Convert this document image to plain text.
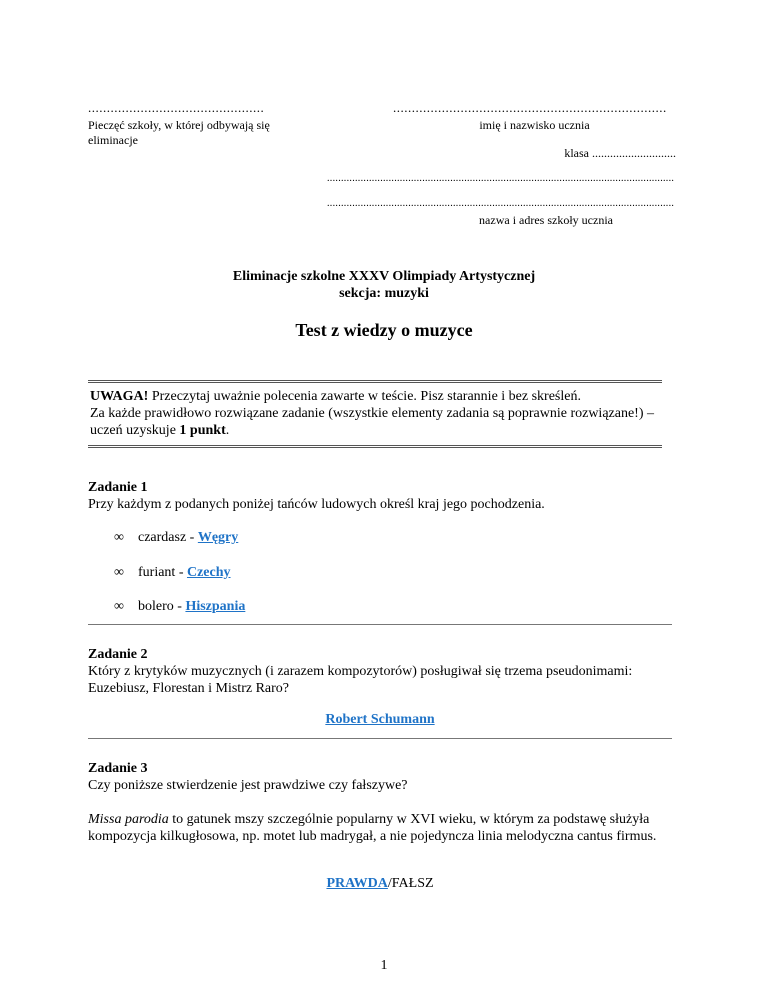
...............................................	.........................................................................
Pieczęć szkoły, w której odbywają się eliminacje
imię i nazwisko ucznia
klasa ............................
............................................................................................................................
............................................................................................................................
nazwa i adres szkoły ucznia
Eliminacje szkolne XXXV Olimpiady Artystycznej
sekcja: muzyki
Test z wiedzy o muzyce
UWAGA! Przeczytaj uważnie polecenia zawarte w teście. Pisz starannie i bez skreśleń.
Za każde prawidłowo rozwiązane zadanie (wszystkie elementy zadania są poprawnie rozwiązane!) – uczeń uzyskuje 1 punkt.
Zadanie 1
Przy każdym z podanych poniżej tańców ludowych określ kraj jego pochodzenia.
∞ czardasz - Węgry
∞ furiant - Czechy
∞ bolero - Hiszpania
Zadanie 2
Który z krytyków muzycznych (i zarazem kompozytorów) posługiwał się trzema pseudonimami: Euzebiusz, Florestan i Mistrz Raro?
Robert Schumann
Zadanie 3
Czy poniższe stwierdzenie jest prawdziwe czy fałszywe?
Missa parodia to gatunek mszy szczególnie popularny w XVI wieku, w którym za podstawę służyła kompozycja kilkugłosowa, np. motet lub madrygał, a nie pojedyncza linia melodyczna cantus firmus.
PRAWDA/FAŁSZ
1
